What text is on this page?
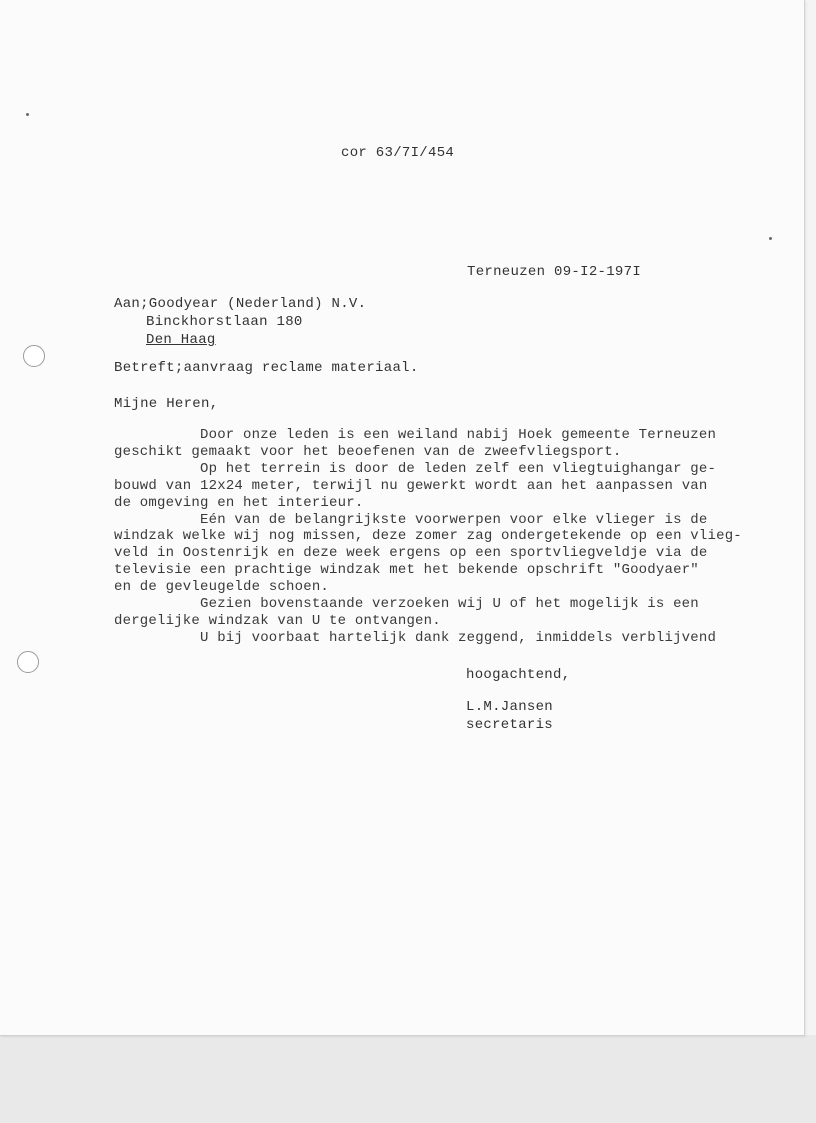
cor 63/7I/454

Terneuzen 09-I2-197I

Aan;Goodyear (Nederland) N.V.

Binckhorstlaan 180

Den Haag

Betreft;aanvraag reclame materiaal.

Mijne Heren,

Door onze leden is een weiland nabij Hoek gemeente Terneuzen
geschikt gemaakt voor het beoefenen van de zweefvliegsport.
Op het terrein is door de leden zelf een vliegtuighangar ge-
bouwd van 12x24 meter, terwijl nu gewerkt wordt aan het aanpassen van
de omgeving en het interieur.
Eén van de belangrijkste voorwerpen voor elke vlieger is de
windzak welke wij nog missen, deze zomer zag ondergetekende op een vlieg-
veld in Oostenrijk en deze week ergens op een sportvliegveldje via de
televisie een prachtige windzak met het bekende opschrift "Goodyaer"
en de gevleugelde schoen.
Gezien bovenstaande verzoeken wij U of het mogelijk is een
dergelijke windzak van U te ontvangen.
U bij voorbaat hartelijk dank zeggend, inmiddels verblijvend

hoogachtend,

L.M.Jansen

secretaris
